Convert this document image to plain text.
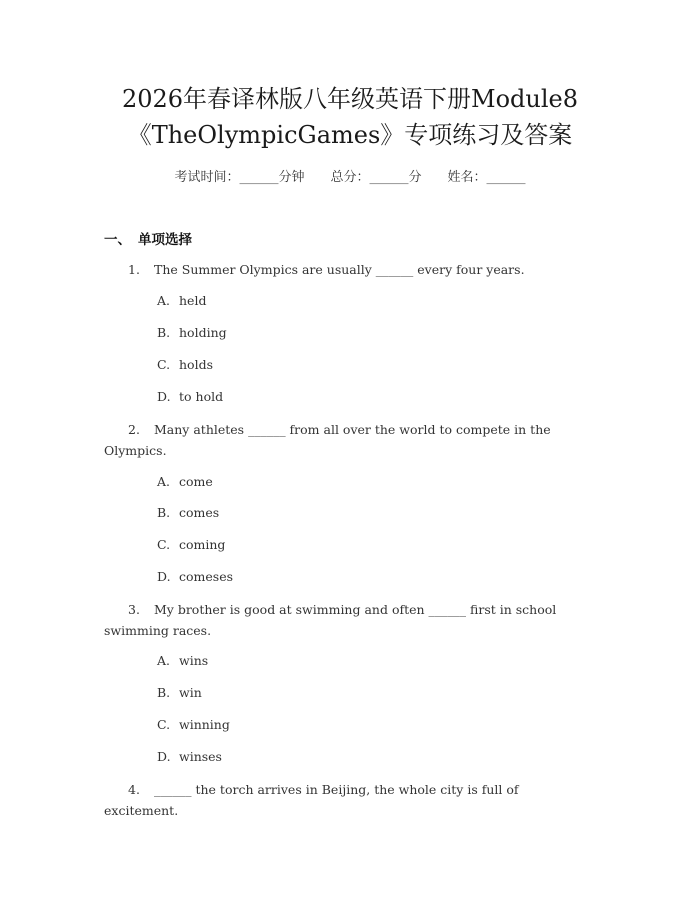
2026年春译林版八年级英语下册Module8
《TheOlympicGames》专项练习及答案
考试时间：______分钟 总分：______分 姓名：______
一、 单项选择
1. The Summer Olympics are usually ______ every four years.
A. held
B. holding
C. holds
D. to hold
2. Many athletes ______ from all over the world to compete in the Olympics.
A. come
B. comes
C. coming
D. comeses
3. My brother is good at swimming and often ______ first in school swimming races.
A. wins
B. win
C. winning
D. winses
4. ______ the torch arrives in Beijing, the whole city is full of excitement.
